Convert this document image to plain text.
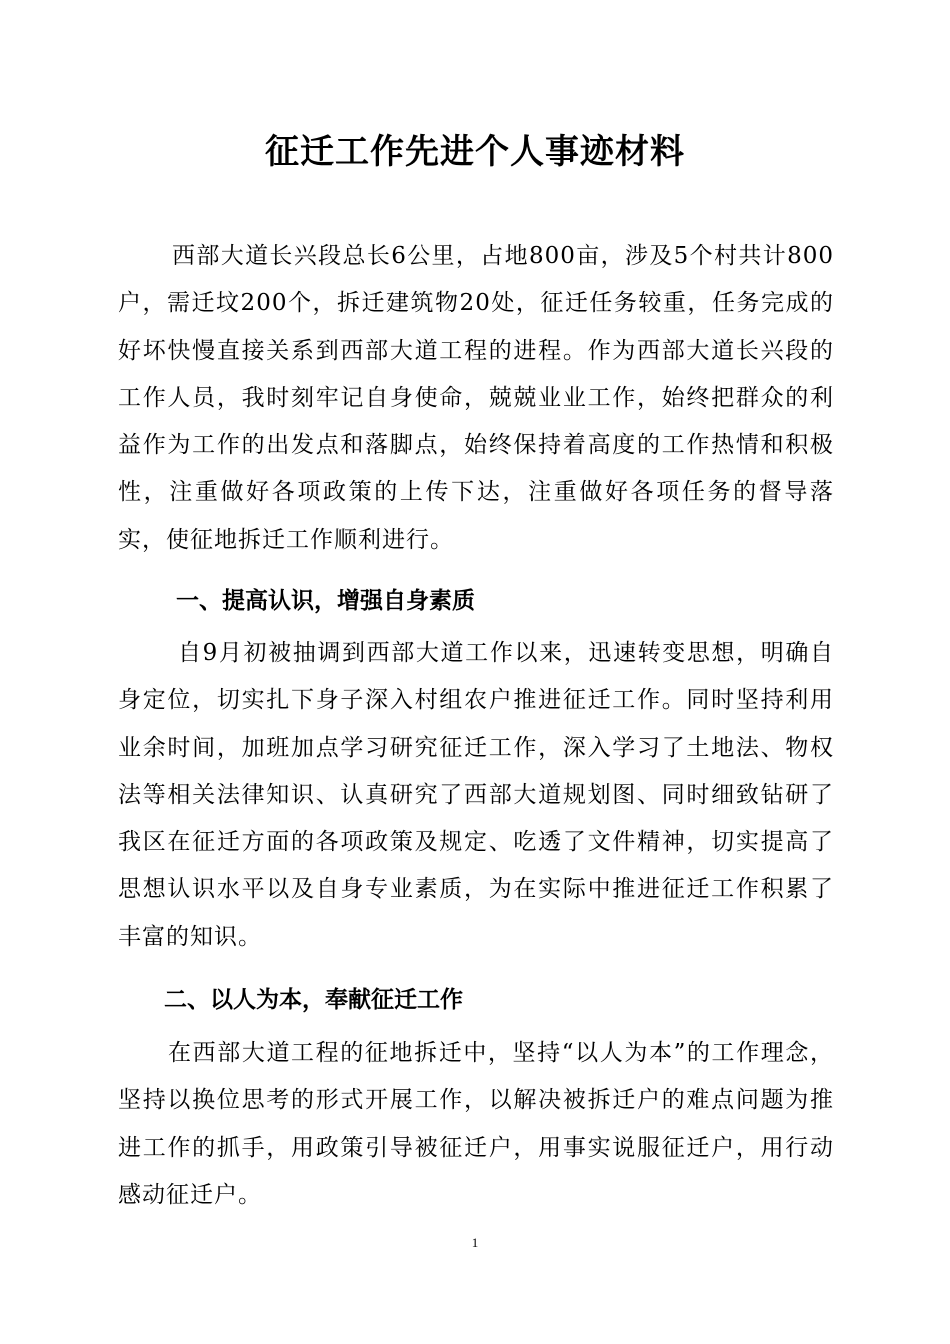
征迁工作先进个人事迹材料
西部大道长兴段总长6公里，占地800亩，涉及5个村共计800户，需迁坟200个，拆迁建筑物20处，征迁任务较重，任务完成的好坏快慢直接关系到西部大道工程的进程。作为西部大道长兴段的工作人员，我时刻牢记自身使命，兢兢业业工作，始终把群众的利益作为工作的出发点和落脚点，始终保持着高度的工作热情和积极性，注重做好各项政策的上传下达，注重做好各项任务的督导落实，使征地拆迁工作顺利进行。
一、提高认识，增强自身素质
自9月初被抽调到西部大道工作以来，迅速转变思想，明确自身定位，切实扎下身子深入村组农户推进征迁工作。同时坚持利用业余时间，加班加点学习研究征迁工作，深入学习了土地法、物权法等相关法律知识、认真研究了西部大道规划图、同时细致钻研了我区在征迁方面的各项政策及规定、吃透了文件精神，切实提高了思想认识水平以及自身专业素质，为在实际中推进征迁工作积累了丰富的知识。
二、以人为本，奉献征迁工作
在西部大道工程的征地拆迁中，坚持“以人为本”的工作理念，坚持以换位思考的形式开展工作，以解决被拆迁户的难点问题为推进工作的抓手，用政策引导被征迁户，用事实说服征迁户，用行动感动征迁户。
1
